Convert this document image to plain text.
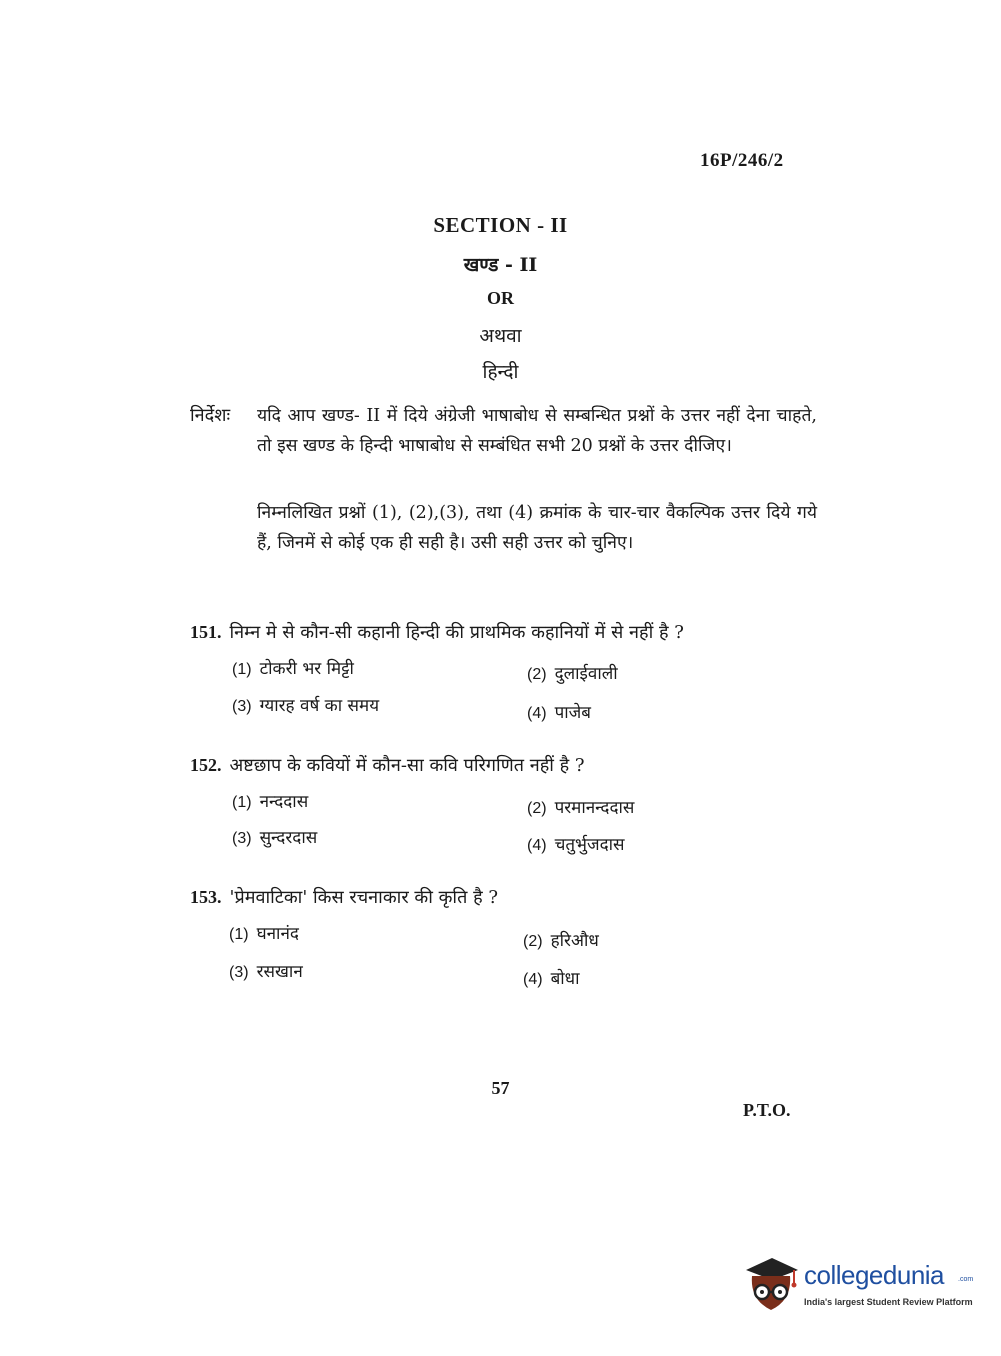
16P/246/2
SECTION - II
खण्ड - II
OR
अथवा
हिन्दी
निर्देशः यदि आप खण्ड- II में दिये अंग्रेजी भाषाबोध से सम्बन्धित प्रश्नों के उत्तर नहीं देना चाहते, तो इस खण्ड के हिन्दी भाषाबोध से सम्बंधित सभी 20 प्रश्नों के उत्तर दीजिए।
निम्नलिखित प्रश्नों (1), (2),(3), तथा (4) क्रमांक के चार-चार वैकल्पिक उत्तर दिये गये हैं, जिनमें से कोई एक ही सही है। उसी सही उत्तर को चुनिए।
151. निम्न मे से कौन-सी कहानी हिन्दी की प्राथमिक कहानियों में से नहीं है ?
(1) टोकरी भर मिट्टी	(2) दुलाईवाली
(3) ग्यारह वर्ष का समय	(4) पाजेब
152. अष्टछाप के कवियों में कौन-सा कवि परिगणित नहीं है ?
(1) नन्ददास	(2) परमानन्ददास
(3) सुन्दरदास	(4) चतुर्भुजदास
153. 'प्रेमवाटिका' किस रचनाकार की कृति है ?
(1) घनानंद	(2) हरिऔध
(3) रसखान	(4) बोधा
57
P.T.O.
collegedunia .com
India's largest Student Review Platform
